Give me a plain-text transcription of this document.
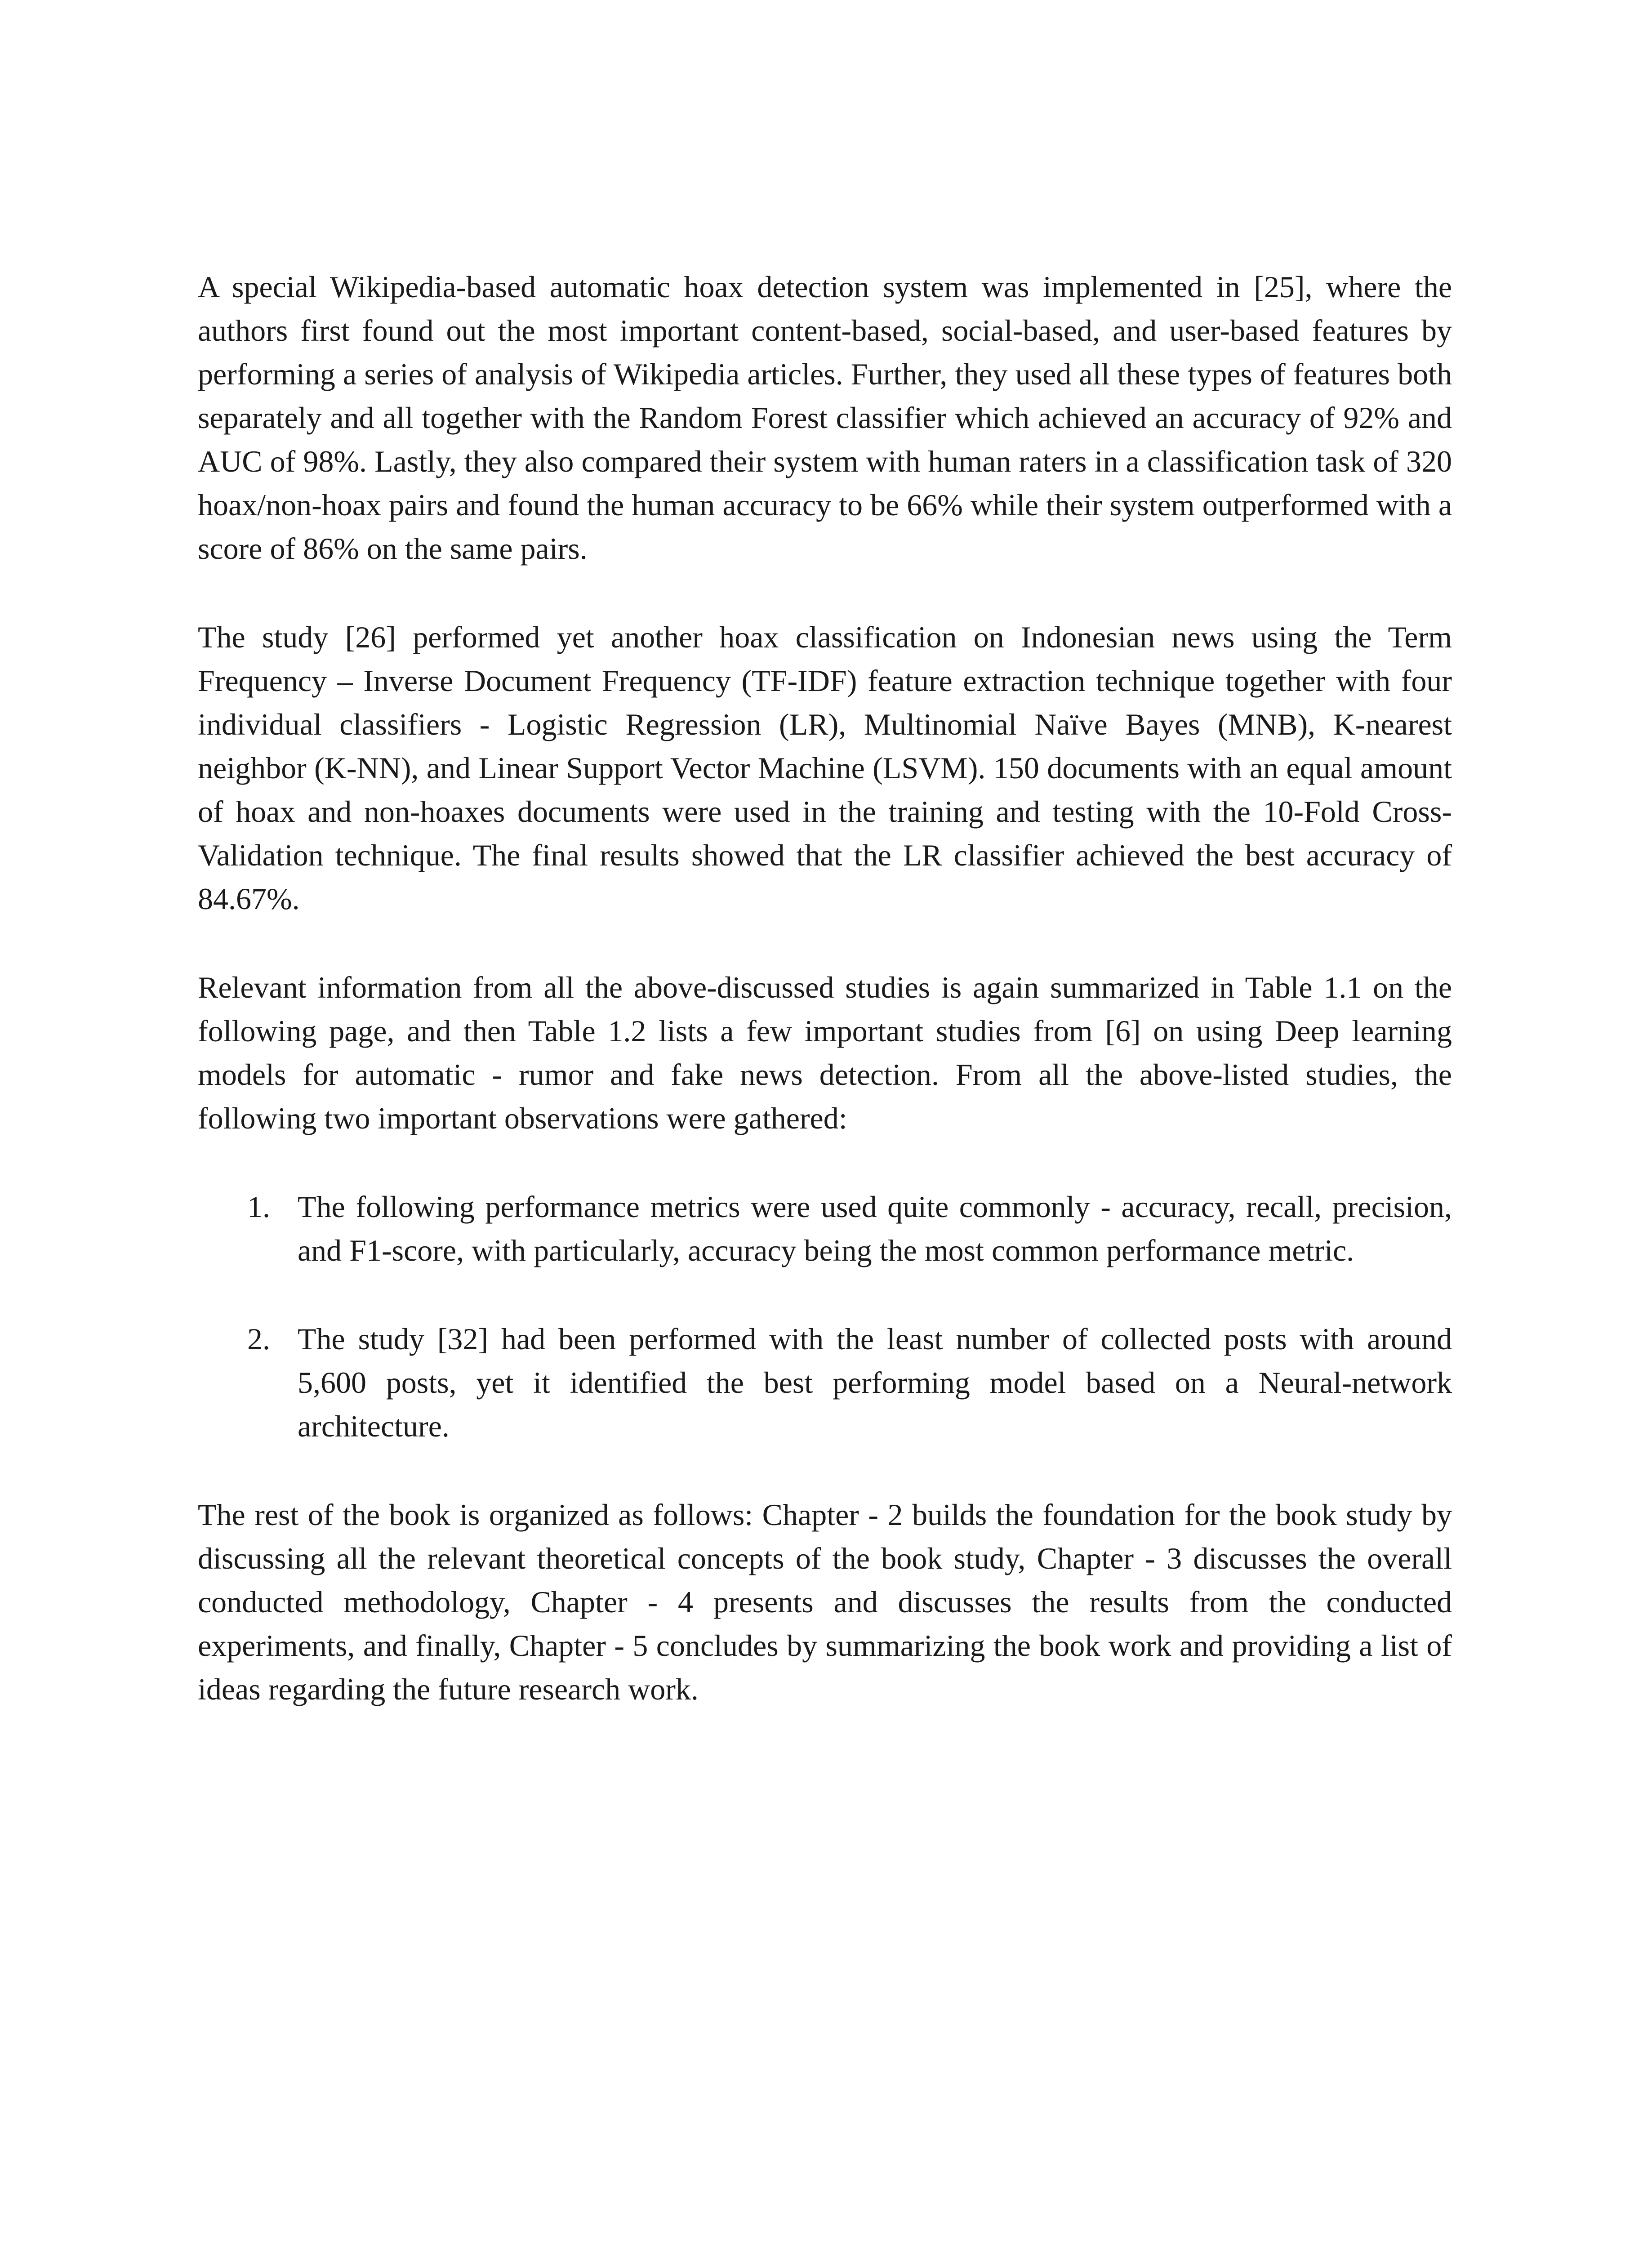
A special Wikipedia-based automatic hoax detection system was implemented in [25], where the authors first found out the most important content-based, social-based, and user-based features by performing a series of analysis of Wikipedia articles. Further, they used all these types of features both separately and all together with the Random Forest classifier which achieved an accuracy of 92% and AUC of 98%. Lastly, they also compared their system with human raters in a classification task of 320 hoax/non-hoax pairs and found the human accuracy to be 66% while their system outperformed with a score of 86% on the same pairs.

The study [26] performed yet another hoax classification on Indonesian news using the Term Frequency – Inverse Document Frequency (TF-IDF) feature extraction technique together with four individual classifiers - Logistic Regression (LR), Multinomial Naïve Bayes (MNB), K-nearest neighbor (K-NN), and Linear Support Vector Machine (LSVM). 150 documents with an equal amount of hoax and non-hoaxes documents were used in the training and testing with the 10-Fold Cross-Validation technique. The final results showed that the LR classifier achieved the best accuracy of 84.67%.

Relevant information from all the above-discussed studies is again summarized in Table 1.1 on the following page, and then Table 1.2 lists a few important studies from [6] on using Deep learning models for automatic - rumor and fake news detection. From all the above-listed studies, the following two important observations were gathered:

1. The following performance metrics were used quite commonly - accuracy, recall, precision, and F1-score, with particularly, accuracy being the most common performance metric.
2. The study [32] had been performed with the least number of collected posts with around 5,600 posts, yet it identified the best performing model based on a Neural-network architecture.

The rest of the book is organized as follows: Chapter - 2 builds the foundation for the book study by discussing all the relevant theoretical concepts of the book study, Chapter - 3 discusses the overall conducted methodology, Chapter - 4 presents and discusses the results from the conducted experiments, and finally, Chapter - 5 concludes by summarizing the book work and providing a list of ideas regarding the future research work.
